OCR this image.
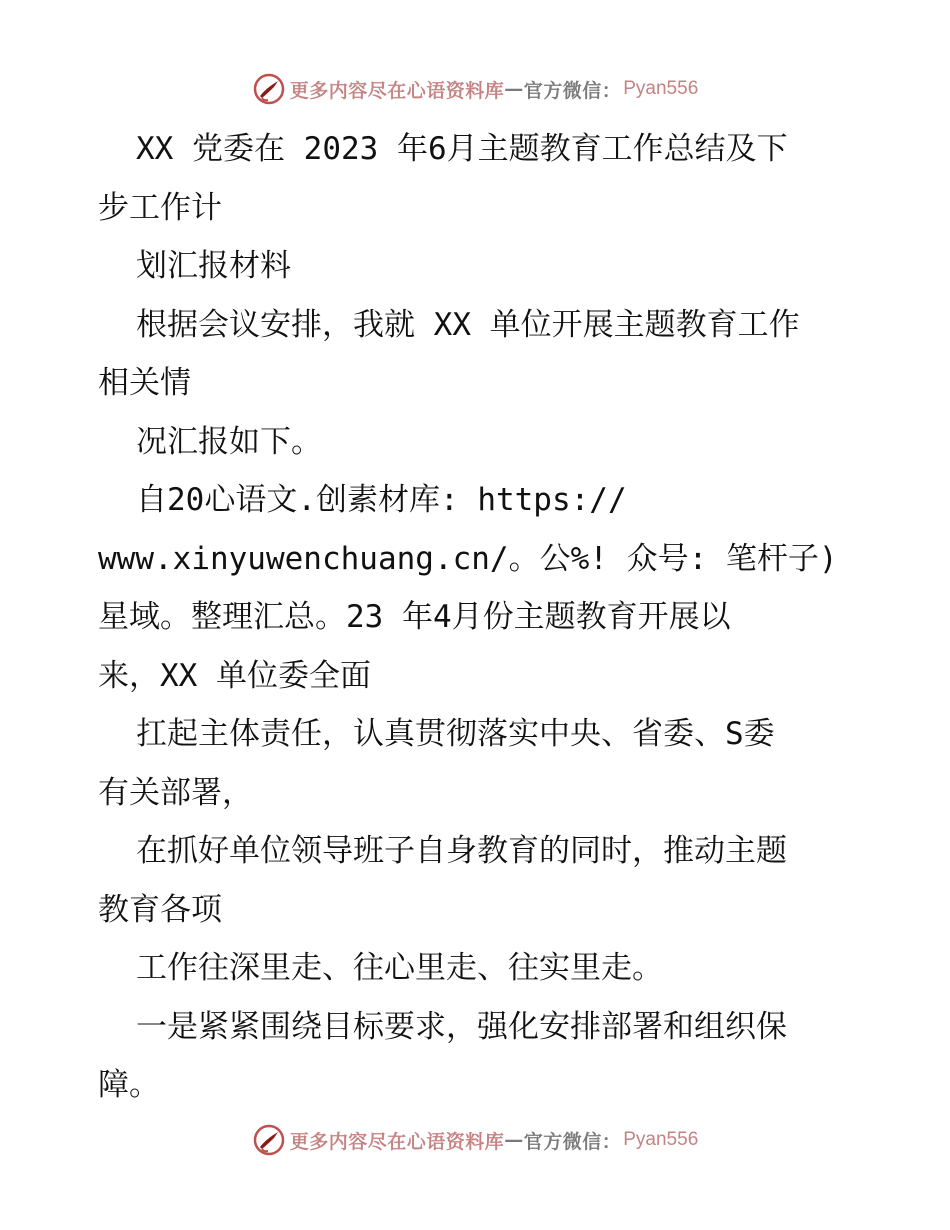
更多内容尽在心语资料库 — 官方微信： Pyan556
XX 党委在 2023 年6月主题教育工作总结及下
步工作计
划汇报材料
根据会议安排，我就 XX 单位开展主题教育工作
相关情
况汇报如下。
自20心语文.创素材库: https://
www.xinyuwenchuang.cn/。公%! 众号: 笔杆子)
星域。整理汇总。23 年4月份主题教育开展以
来，XX 单位委全面
扛起主体责任，认真贯彻落实中央、省委、S委
有关部署，
在抓好单位领导班子自身教育的同时，推动主题
教育各项
工作往深里走、往心里走、往实里走。
一是紧紧围绕目标要求，强化安排部署和组织保
障。
更多内容尽在心语资料库 — 官方微信： Pyan556
